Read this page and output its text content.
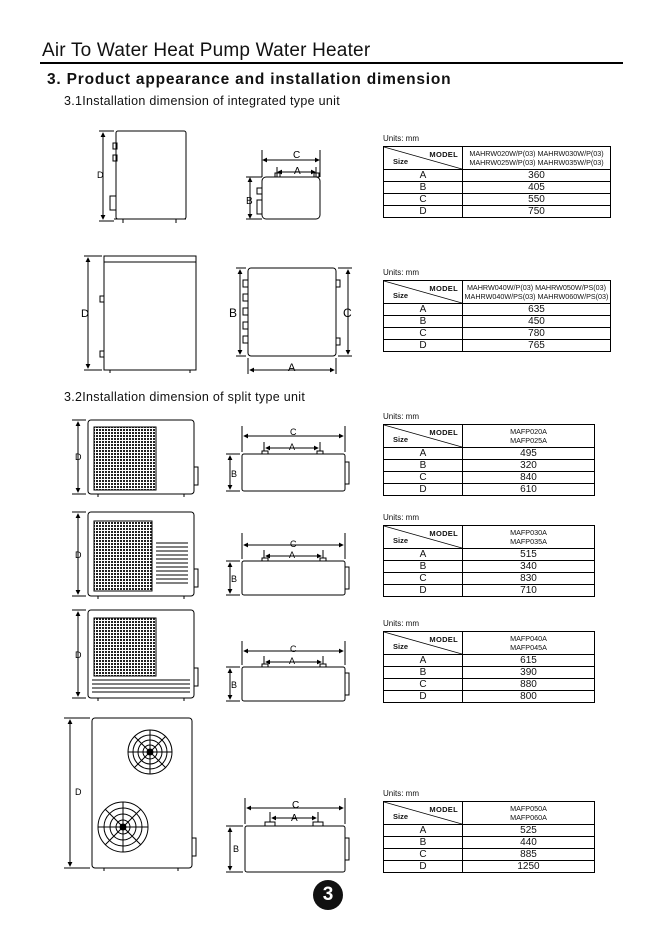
Air To Water Heat Pump Water Heater
3. Product appearance and installation dimension
3.1Installation dimension of integrated type unit
3.2Installation dimension of split type unit
D
C
A
B
D	B	C
A
D
C
A
B
D
C
A
B
D
C
A
B
D
C
A
B
Units: mm
MODEL
Size	MAHRW020W/P(03) MAHRW030W/P(03)
MAHRW025W/P(03) MAHRW035W/P(03)

A	360
B	405
C	550
D	750
Units: mm
MODEL
Size	MAHRW040W/P(03) MAHRW050W/PS(03)
MAHRW040W/PS(03) MAHRW060W/PS(03)

A	635
B	450
C	780
D	765
Units: mm
MODEL
Size	MAFP020A
MAFP025A

A	495
B	320
C	840
D	610
Units: mm
MODEL
Size	MAFP030A
MAFP035A

A	515
B	340
C	830
D	710
Units: mm
MODEL
Size	MAFP040A
MAFP045A

A	615
B	390
C	880
D	800
Units: mm
MODEL
Size	MAFP050A
MAFP060A

A	525
B	440
C	885
D	1250
3
